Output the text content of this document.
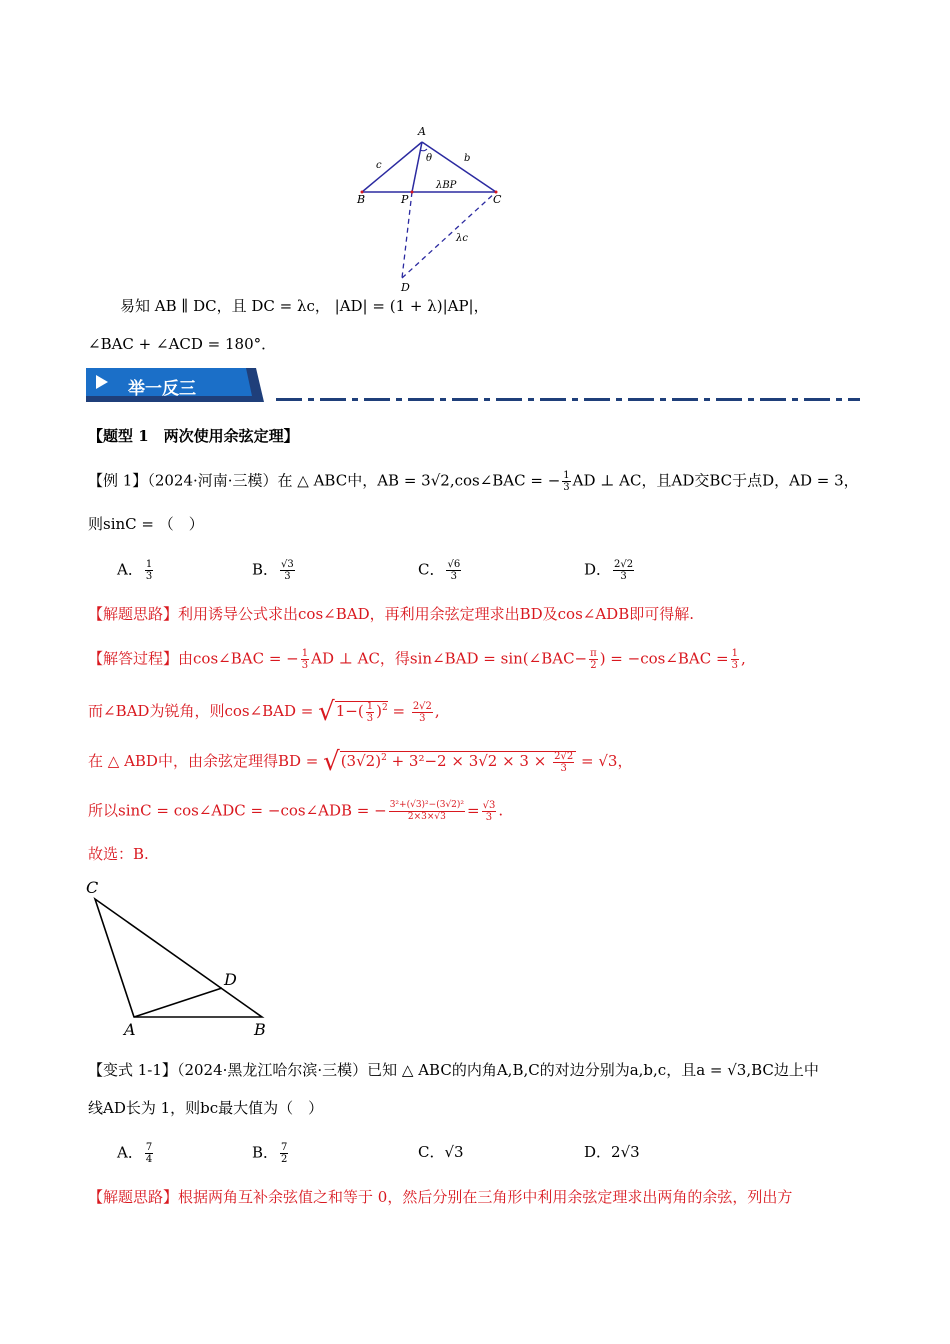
A
B	C
P
D
θ
c
b
λBP
λc
易知 AB ∥ DC，且 DC = λc， |AD| = (1 + λ)|AP|，
∠BAC + ∠ACD = 180°．
举一反三
【题型 1　两次使用余弦定理】
【例 1】（2024·河南·三模）在 △ ABC中，AB = 3√2,cos∠BAC = − $\frac{1}{3}$ AD ⊥ AC，且AD交BC于点D，AD = 3，
则sinC = （　）
A． $\frac{1}{3}$	B． $\frac{√3}{3}$	C． $\frac{√6}{3}$	D． $\frac{2√2}{3}$
【解题思路】利用诱导公式求出cos∠BAD，再利用余弦定理求出BD及cos∠ADB即可得解.
【解答过程】由cos∠BAC = − $\frac{1}{3}$ AD ⊥ AC，得sin∠BAD = sin(∠BAC− $\frac{\pi}{2}$ ) = −cos∠BAC = $\frac{1}{3}$ ,
而∠BAD为锐角，则cos∠BAD = $√1-( \frac{1}{3} )^2 = \frac{2√2}{3}$ ,
在 △ ABD中，由余弦定理得BD = $√(3√2)^2 + 3^2-2 \times 3√2 \times 3 \times \frac{2√2}{3} = √3$，
所以sinC = cos∠ADC = −cos∠ADB = − $\frac{\text{3²+(√3)²−(3√2)²}}{2\times 3\times√3} = \frac{√3}{3}$ .
故选：B.
C
D
A	B
【变式 1-1】（2024·黑龙江哈尔滨·三模）已知 △ ABC的内角A,B,C的对边分别为a,b,c，且a = √3,BC边上中
线AD长为 1，则bc最大值为（　）
A． $\frac{7}{4}$	B． $\frac{7}{2}$	C．√3	D．2√3
【解题思路】根据两角互补余弦值之和等于 0，然后分别在三角形中利用余弦定理求出两角的余弦，列出方
